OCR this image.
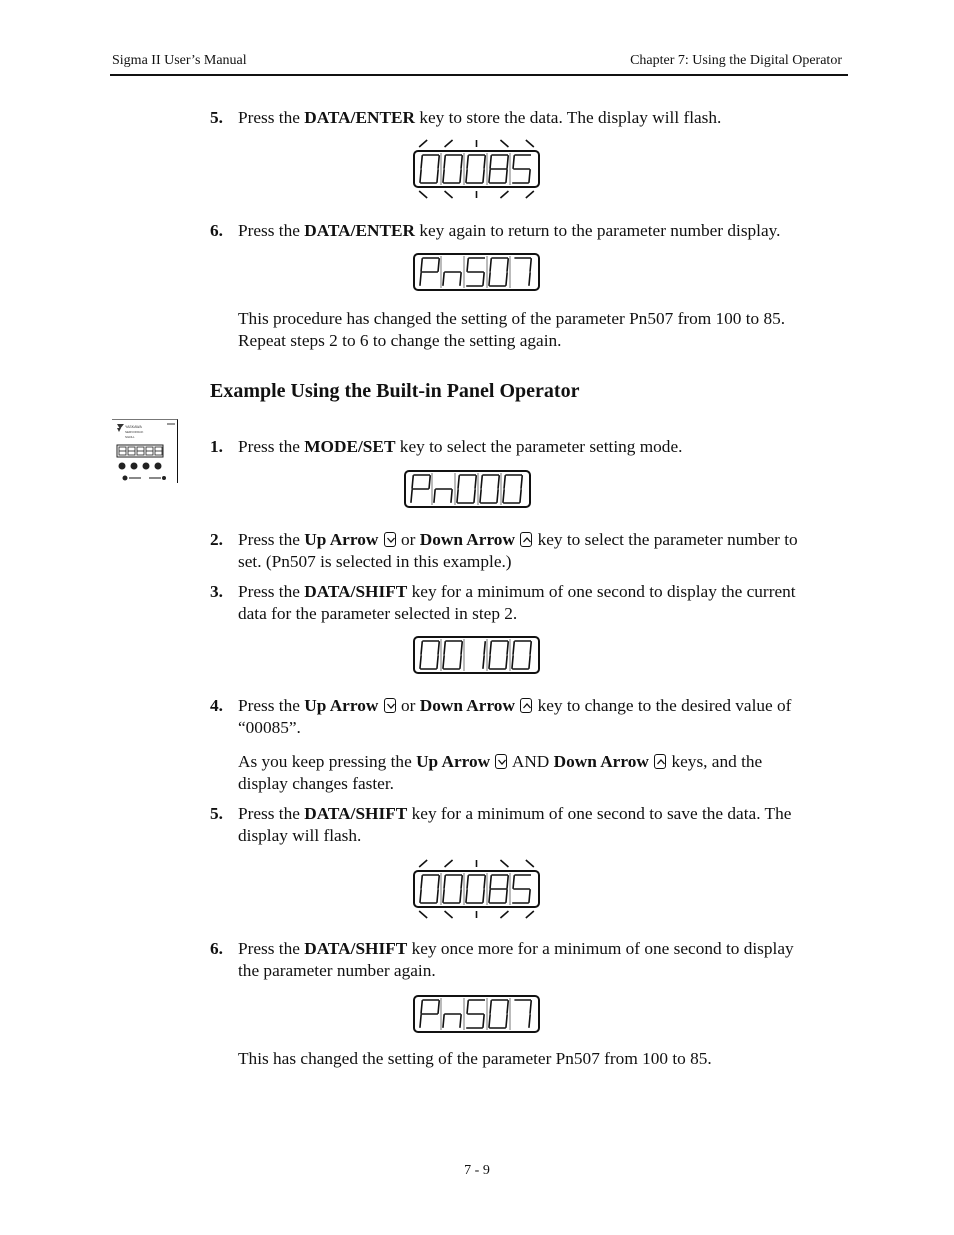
Sigma II User’s Manual	Chapter 7: Using the Digital Operator
5. Press the DATA/ENTER key to store the data. The display will flash.
6. Press the DATA/ENTER key again to return to the parameter number display.
This procedure has changed the setting of the parameter Pn507 from 100 to 85.
Repeat steps 2 to 6 to change the setting again.
Example Using the Built-in Panel Operator
YASKAWA
SERVOPACK
SGDH-	1. Press the MODE/SET key to select the parameter setting mode.
2. Press the Up Arrow
or Down Arrow
key to select the parameter number to
set. (Pn507 is selected in this example.)
3. Press the DATA/SHIFT key for a minimum of one second to display the current
data for the parameter selected in step 2.
4. Press the Up Arrow
or Down Arrow
key to change to the desired value of
“00085”.
As you keep pressing the Up Arrow
AND Down Arrow
keys, and the
display changes faster.
5. Press the DATA/SHIFT key for a minimum of one second to save the data. The
display will flash.
6. Press the DATA/SHIFT key once more for a minimum of one second to display
the parameter number again.
This has changed the setting of the parameter Pn507 from 100 to 85.
7 - 9
